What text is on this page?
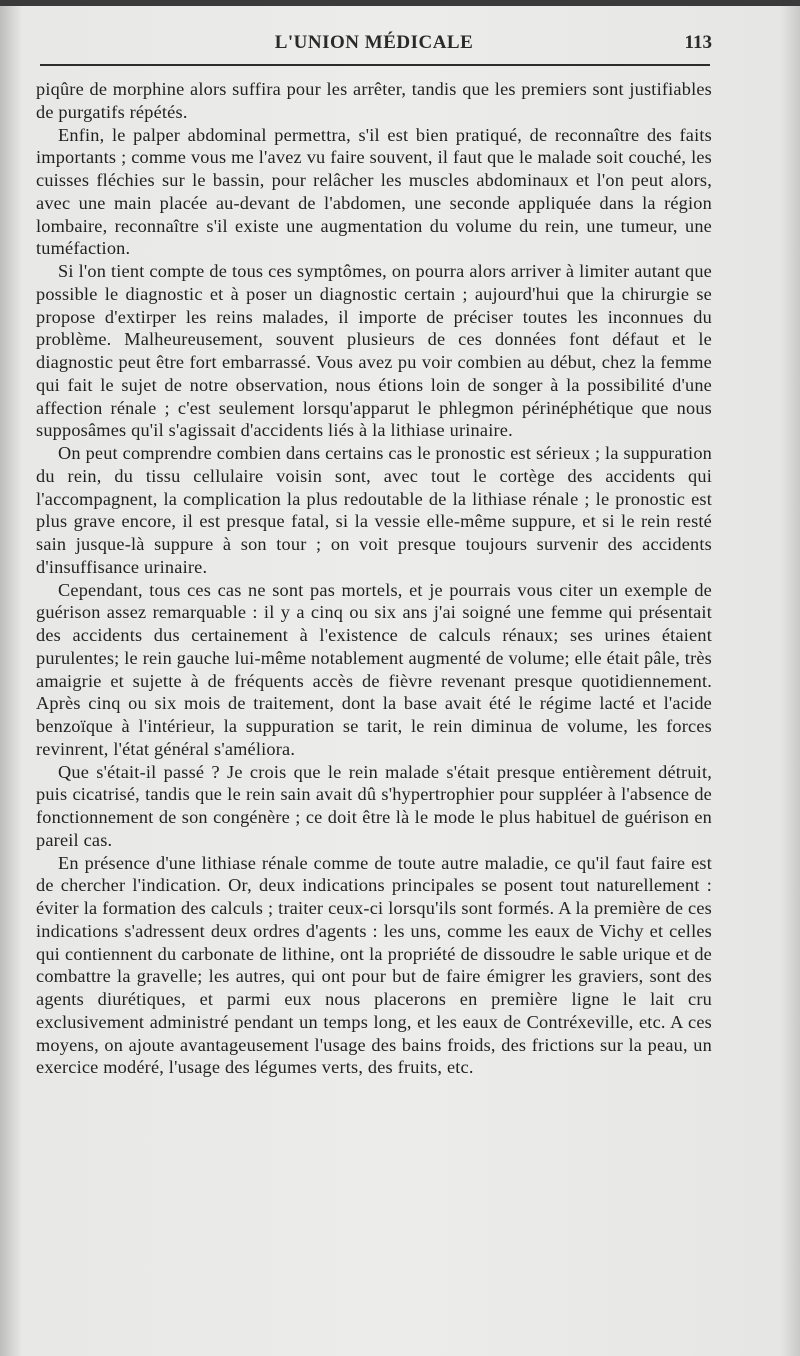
L'UNION MÉDICALE	113

piqûre de morphine alors suffira pour les arrêter, tandis que les premiers sont justifiables de purgatifs répétés.

Enfin, le palper abdominal permettra, s'il est bien pratiqué, de reconnaître des faits importants ; comme vous me l'avez vu faire souvent, il faut que le malade soit couché, les cuisses fléchies sur le bassin, pour relâcher les muscles abdominaux et l'on peut alors, avec une main placée au-devant de l'abdomen, une seconde appliquée dans la région lombaire, reconnaître s'il existe une augmentation du volume du rein, une tumeur, une tuméfaction.

Si l'on tient compte de tous ces symptômes, on pourra alors arriver à limiter autant que possible le diagnostic et à poser un diagnostic certain ; aujourd'hui que la chirurgie se propose d'extirper les reins malades, il importe de préciser toutes les inconnues du problème. Malheureusement, souvent plusieurs de ces données font défaut et le diagnostic peut être fort embarrassé. Vous avez pu voir combien au début, chez la femme qui fait le sujet de notre observation, nous étions loin de songer à la possibilité d'une affection rénale ; c'est seulement lorsqu'apparut le phlegmon périnéphétique que nous supposâmes qu'il s'agissait d'accidents liés à la lithiase urinaire.

On peut comprendre combien dans certains cas le pronostic est sérieux ; la suppuration du rein, du tissu cellulaire voisin sont, avec tout le cortège des accidents qui l'accompagnent, la complication la plus redoutable de la lithiase rénale ; le pronostic est plus grave encore, il est presque fatal, si la vessie elle-même suppure, et si le rein resté sain jusque-là suppure à son tour ; on voit presque toujours survenir des accidents d'insuffisance urinaire.

Cependant, tous ces cas ne sont pas mortels, et je pourrais vous citer un exemple de guérison assez remarquable : il y a cinq ou six ans j'ai soigné une femme qui présentait des accidents dus certainement à l'existence de calculs rénaux; ses urines étaient purulentes; le rein gauche lui-même notablement augmenté de volume; elle était pâle, très amaigrie et sujette à de fréquents accès de fièvre revenant presque quotidiennement. Après cinq ou six mois de traitement, dont la base avait été le régime lacté et l'acide benzoïque à l'intérieur, la suppuration se tarit, le rein diminua de volume, les forces revinrent, l'état général s'améliora.

Que s'était-il passé ? Je crois que le rein malade s'était presque entièrement détruit, puis cicatrisé, tandis que le rein sain avait dû s'hypertrophier pour suppléer à l'absence de fonctionnement de son congénère ; ce doit être là le mode le plus habituel de guérison en pareil cas.

En présence d'une lithiase rénale comme de toute autre maladie, ce qu'il faut faire est de chercher l'indication. Or, deux indications principales se posent tout naturellement : éviter la formation des calculs ; traiter ceux-ci lorsqu'ils sont formés. A la première de ces indications s'adressent deux ordres d'agents : les uns, comme les eaux de Vichy et celles qui contiennent du carbonate de lithine, ont la propriété de dissoudre le sable urique et de combattre la gravelle; les autres, qui ont pour but de faire émigrer les graviers, sont des agents diurétiques, et parmi eux nous placerons en première ligne le lait cru exclusivement administré pendant un temps long, et les eaux de Contréxeville, etc. A ces moyens, on ajoute avantageusement l'usage des bains froids, des frictions sur la peau, un exercice modéré, l'usage des légumes verts, des fruits, etc.
